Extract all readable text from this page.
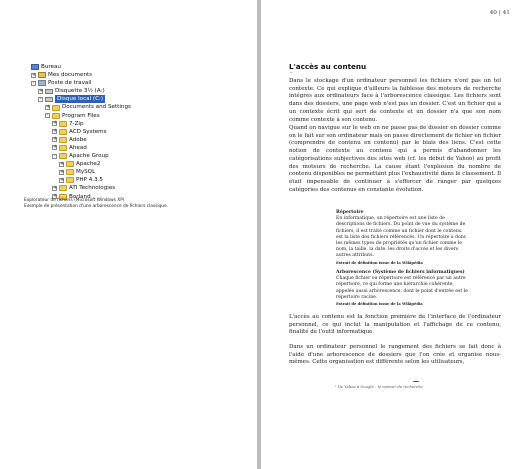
Bureau
+ Mes documents
- Poste de travail
+ Disquette 3½ (A:)
-	Disque local (C:)
+ Documents and Settings
- Program Files
+ 7-Zip
+ ACD Systems
+ Adobe
+ Ahead
- Apache Group
+ Apache2
+ MySQL
+ PHP 4.3.5
+ ATI Technologies
+ Borland
Explorateur de fichiers (Microsoft Windows XP)
Exemple de présentation d'une arborescence de fichiers classique.
40 | 41
L'accès au contenu
–
Dans le stockage d'un ordinateur personnel les fichiers n'ont pas un tel contexte. Ce qui explique d'ailleurs la faiblesse des moteurs de recherche intégrés aux ordinateurs face à l'arborescence classique. Les fichiers sont dans des dossiers, une page web n'est pas un dossier. C'est un fichier qui a un contexte écrit qui sert de contexte et un dossier n'a que son nom comme contexte à son contenu.
Quand on navigue sur le web on ne passe pas de dossier en dossier comme on le fait sur son ordinateur mais on passe directement de fichier en fichier (comprendre de contenu en contenu) par le biais des liens. C'est cette notion de contexte au contenu qui a permis d'abandonner les catégorisations subjectives des sites web (cf. les début de Yahoo) au profit des moteurs de recherche. La cause étant l'explosion du nombre de contenu disponibles ne permettant plus l'exhaustivité dans le classement. Il était impensable de continuer à s'efforcer de ranger par quelques catégories des contenus en constante évolution.
Répertoire
En informatique, un répertoire est une liste de descriptions de fichiers. Du point de vue du système de fichiers, il est traité comme un fichier dont le contenu est la liste des fichiers référencés. Un répertoire a donc les mêmes types de propriétés qu'un fichier comme le nom, la taille, la date, les droits d'accès et les divers autres attributs.
Extrait de définition issue de la Wikipédia
Arborescence (Système de fichiers informatiques)
Chaque fichier ou répertoire est référencé par un autre répertoire, ce qui forme une hiérarchie cohérente, appelée aussi arborescence, dont le point d'entrée est le répertoire racine.
Extrait de définition issue de la Wikipédia
L'accès au contenu est la fonction première de l'interface de l'ordinateur personnel, ce qui inclut la manipulation et l'affichage de ce contenu, finalité de l'outil informatique.
Dans un ordinateur personnel le rangement des fichiers se fait donc à l'aide d'une arborescence de dossiers que l'on crée et organise nous-mêmes. Cette organisation est différente selon les utilisateurs,
¹ De Yahoo à Google : le moteur de recherche
